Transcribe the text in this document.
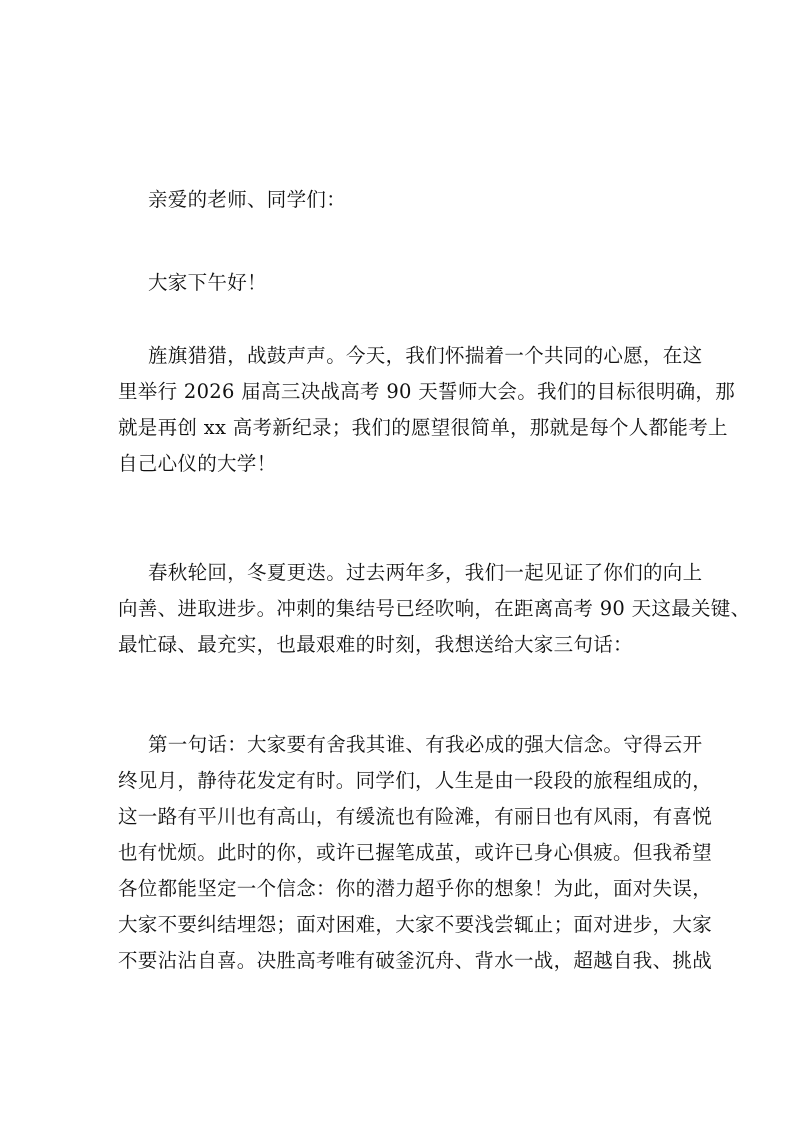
亲爱的老师、同学们：
大家下午好！
旌旗猎猎，战鼓声声。今天，我们怀揣着一个共同的心愿，在这
里举行 2026 届高三决战高考 90 天誓师大会。我们的目标很明确，那
就是再创 xx 高考新纪录；我们的愿望很简单，那就是每个人都能考上
自己心仪的大学！
春秋轮回，冬夏更迭。过去两年多，我们一起见证了你们的向上
向善、进取进步。冲刺的集结号已经吹响，在距离高考 90 天这最关键、
最忙碌、最充实，也最艰难的时刻，我想送给大家三句话：
第一句话：大家要有舍我其谁、有我必成的强大信念。守得云开
终见月，静待花发定有时。同学们，人生是由一段段的旅程组成的，
这一路有平川也有高山，有缓流也有险滩，有丽日也有风雨，有喜悦
也有忧烦。此时的你，或许已握笔成茧，或许已身心俱疲。但我希望
各位都能坚定一个信念：你的潜力超乎你的想象！为此，面对失误，
大家不要纠结埋怨；面对困难，大家不要浅尝辄止；面对进步，大家
不要沾沾自喜。决胜高考唯有破釜沉舟、背水一战，超越自我、挑战
